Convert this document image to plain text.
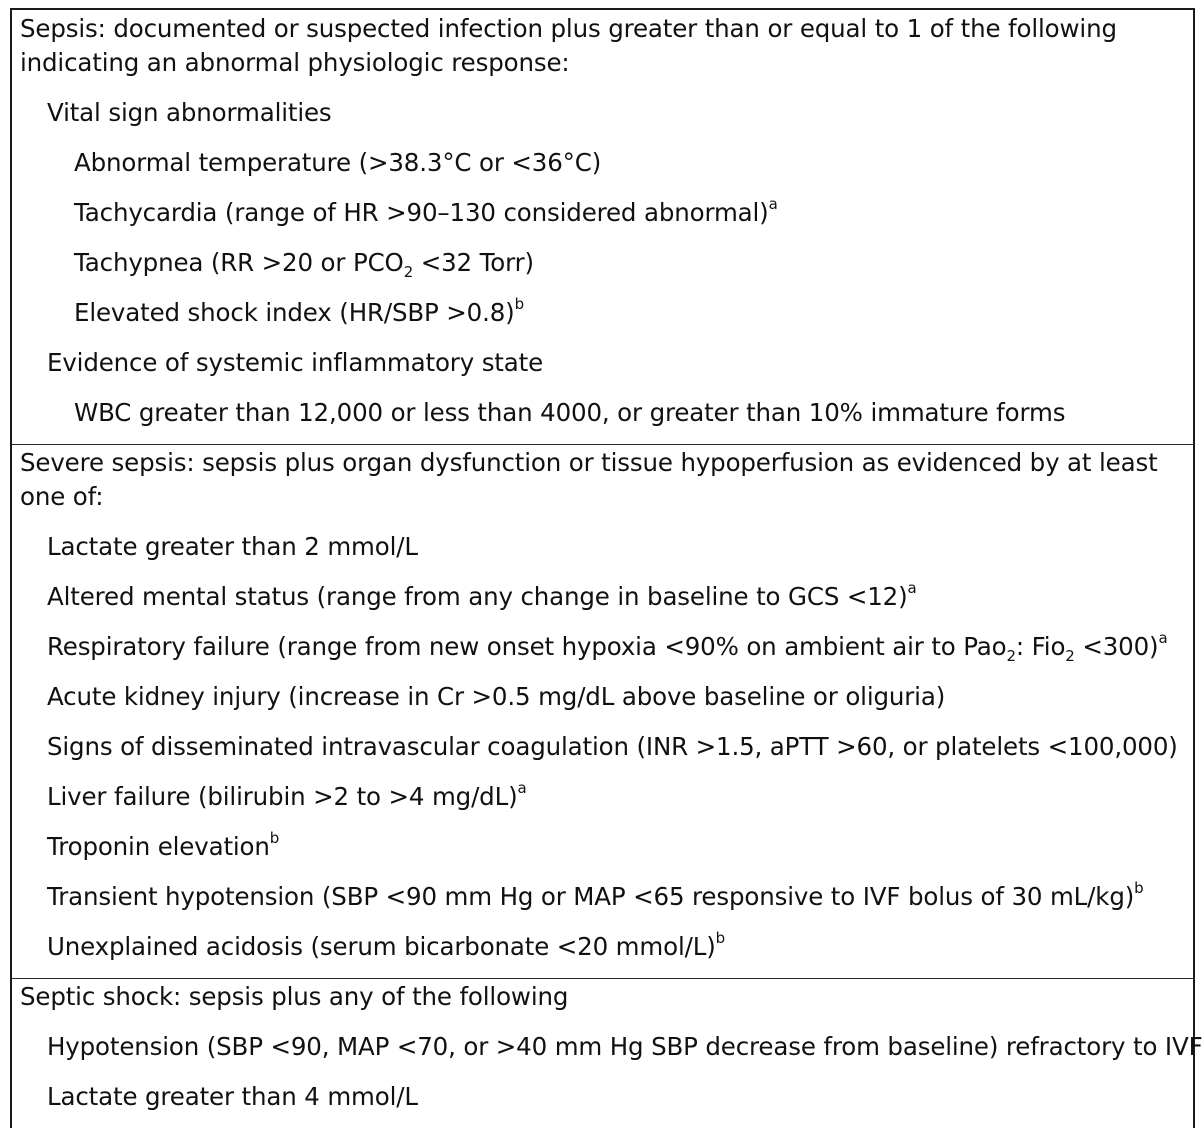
Sepsis: documented or suspected infection plus greater than or equal to 1 of the following indicating an abnormal physiologic response:
Vital sign abnormalities
Abnormal temperature (>38.3°C or <36°C)
Tachycardia (range of HR >90–130 considered abnormal)$^a$
Tachypnea (RR >20 or $PCO_2 <32$ Torr)
Elevated shock index (HR/SBP >0.8)$^b$
Evidence of systemic inflammatory state
WBC greater than 12,000 or less than 4000, or greater than 10% immature forms
Severe sepsis: sepsis plus organ dysfunction or tissue hypoperfusion as evidenced by at least one of:
Lactate greater than 2 mmol/L
Altered mental status (range from any change in baseline to GCS <12)$^a$
Respiratory failure (range from new onset hypoxia <90% on ambient air to Pao$_2$: Fio$_2$ <300)$^a$
Acute kidney injury (increase in Cr >0.5 mg/dL above baseline or oliguria)
Signs of disseminated intravascular coagulation (INR >1.5, aPTT >60, or platelets <100,000)
Liver failure (bilirubin >2 to >4 mg/dL)$^a$
Troponin elevation$^b$
Transient hypotension (SBP <90 mm Hg or MAP <65 responsive to IVF bolus of 30 mL/kg)$^b$
Unexplained acidosis (serum bicarbonate <20 mmol/L)$^b$
Septic shock: sepsis plus any of the following
Hypotension (SBP <90, MAP <70, or >40 mm Hg SBP decrease from baseline) refractory to IVF
Lactate greater than 4 mmol/L
